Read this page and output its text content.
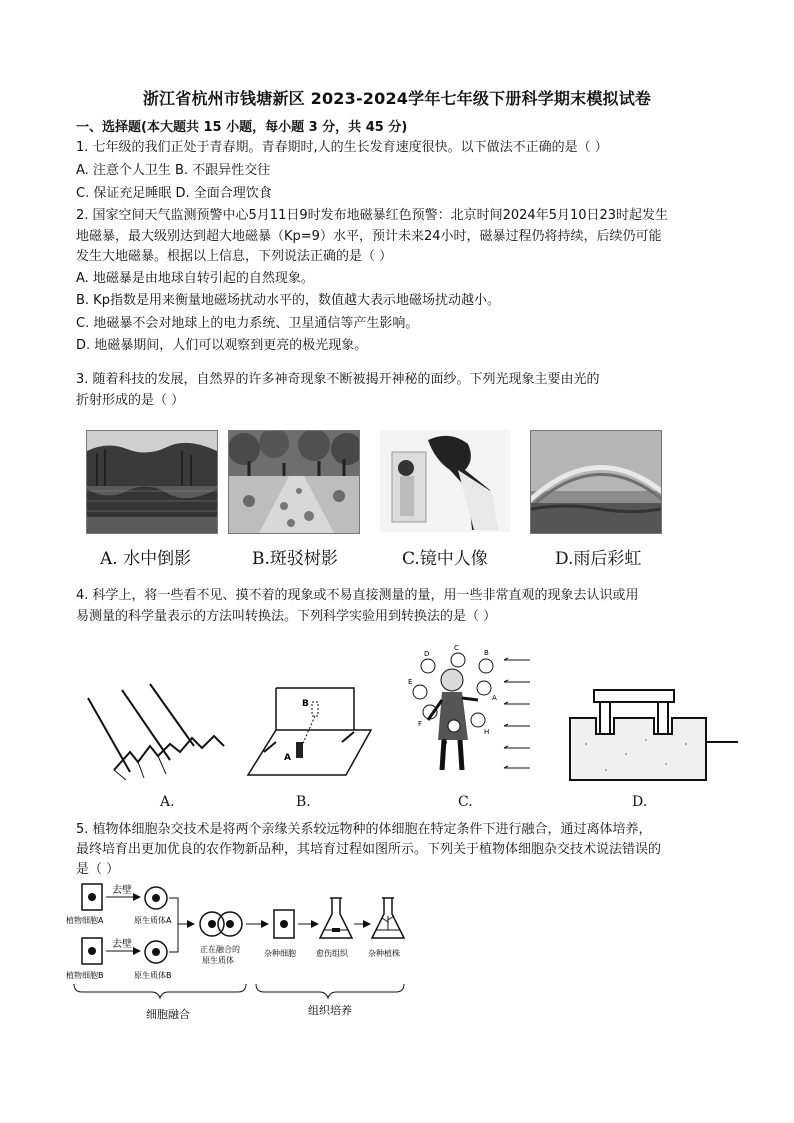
浙江省杭州市钱塘新区 2023-2024学年七年级下册科学期末模拟试卷
一、选择题(本大题共 15 小题，每小题 3 分，共 45 分)
1. 七年级的我们正处于青春期。青春期时,人的生长发育速度很快。以下做法不正确的是（ ）
A. 注意个人卫生 B. 不跟异性交往
C. 保证充足睡眠 D. 全面合理饮食
2. 国家空间天气监测预警中心5月11日9时发布地磁暴红色预警：北京时间2024年5月10日23时起发生
地磁暴，最大级别达到超大地磁暴（Kp=9）水平，预计未来24小时，磁暴过程仍将持续，后续仍可能
发生大地磁暴。根据以上信息，下列说法正确的是（ ）
A. 地磁暴是由地球自转引起的自然现象。
B. Kp指数是用来衡量地磁场扰动水平的，数值越大表示地磁场扰动越小。
C. 地磁暴不会对地球上的电力系统、卫星通信等产生影响。
D. 地磁暴期间，人们可以观察到更亮的极光现象。
3. 随着科技的发展，自然界的许多神奇现象不断被揭开神秘的面纱。下列光现象主要由光的
折射形成的是（ ）
A. 水中倒影	B.斑驳树影	C.镜中人像	D.雨后彩虹
4. 科学上，将一些看不见、摸不着的现象或不易直接测量的量，用一些非常直观的现象去认识或用
易测量的科学量表示的方法叫转换法。下列科学实验用到转换法的是（ ）
B
A
D
C
B
E
F
G
H
A
A.	B.	C.	D.
5. 植物体细胞杂交技术是将两个亲缘关系较远物种的体细胞在特定条件下进行融合，通过离体培养，
最终培育出更加优良的农作物新品种，其培育过程如图所示。下列关于植物体细胞杂交技术说法错误的
是（ ）
去壁
植物细胞A	原生质体A
去壁
植物细胞B	原生质体B
正在融合的
原生质体
杂种细胞	愈伤组织	杂种植株
细胞融合	组织培养
